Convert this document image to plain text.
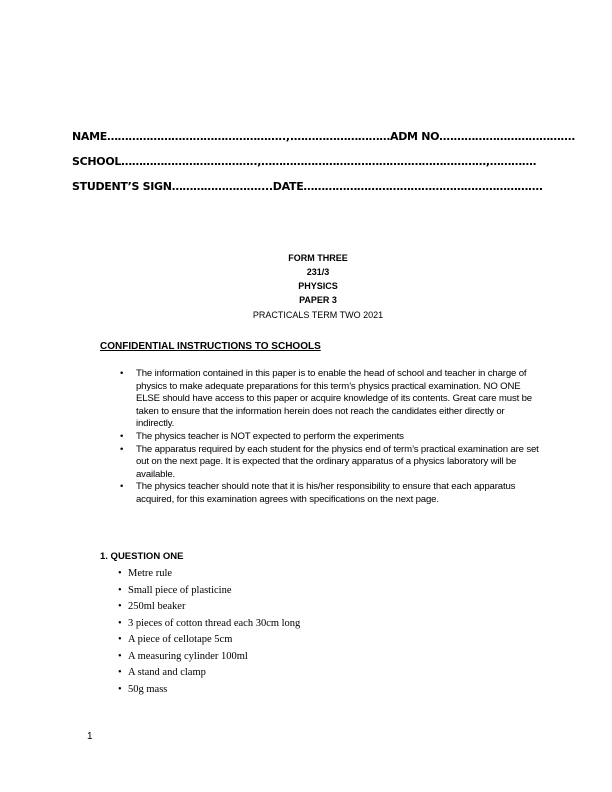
NAME…………………………………………..,.………………………ADM NO.……………………………….
SCHOOL………………………………..,………………………………………………………,………….
STUDENT’S SIGN……………………....DATE………………………………………………………….
FORM THREE
231/3
PHYSICS
PAPER 3
PRACTICALS TERM TWO 2021
CONFIDENTIAL INSTRUCTIONS TO SCHOOLS
• The information contained in this paper is to enable the head of school and teacher in charge of physics to make adequate preparations for this term’s physics practical examination. NO ONE ELSE should have access to this paper or acquire knowledge of its contents. Great care must be taken to ensure that the information herein does not reach the candidates either directly or indirectly.
• The physics teacher is NOT expected to perform the experiments
• The apparatus required by each student for the physics end of term’s practical examination are set out on the next page. It is expected that the ordinary apparatus of a physics laboratory will be available.
• The physics teacher should note that it is his/her responsibility to ensure that each apparatus acquired, for this examination agrees with specifications on the next page.
1. QUESTION ONE
• Metre rule
• Small piece of plasticine
• 250ml beaker
• 3 pieces of cotton thread each 30cm long
• A piece of cellotape 5cm
• A measuring cylinder 100ml
• A stand and clamp
• 50g mass
1
